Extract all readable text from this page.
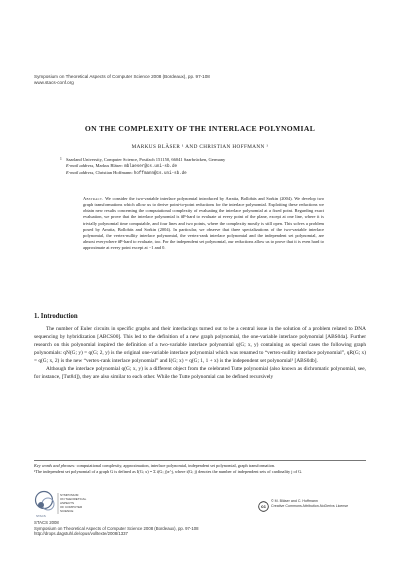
Symposium on Theoretical Aspects of Computer Science 2008 (Bordeaux), pp. 97-108
www.stacs-conf.org
ON THE COMPLEXITY OF THE INTERLACE POLYNOMIAL
MARKUS BLÄSER ¹ AND CHRISTIAN HOFFMANN ¹
1 Saarland University, Computer Science, Postfach 151150, 66041 Saarbrücken, Germany
E-mail address, Markus Bläser: mblaeser@cs.uni-sb.de
E-mail address, Christian Hoffmann: hoffmann@cs.uni-sb.de

Abstract. We consider the two-variable interlace polynomial introduced by Arratia, Bollobás and Sorkin (2004). We develop two graph transformations which allow us to derive point-to-point reductions for the interlace polynomial. Exploiting these reductions we obtain new results concerning the computational complexity of evaluating the interlace polynomial at a fixed point. Regarding exact evaluation, we prove that the interlace polynomial is #P-hard to evaluate at every point of the plane, except at one line, where it is trivially polynomial time computable, and four lines and two points, where the complexity mostly is still open. This solves a problem posed by Arratia, Bollobás and Sorkin (2004). In particular, we observe that three specializations of the two-variable interlace polynomial, the vertex-nullity interlace polynomial, the vertex-rank interlace polynomial and the independent set polynomial, are almost everywhere #P-hard to evaluate, too. For the independent set polynomial, our reductions allow us to prove that it is even hard to approximate at every point except at −1 and 0.

1. Introduction

The number of Euler circuits in specific graphs and their interlacings turned out to be a central issue in the solution of a problem related to DNA sequencing by hybridization [ABCS00]. This led to the definition of a new graph polynomial, the one-variable interlace polynomial [ABS04a]. Further research on this polynomial inspired the definition of a two-variable interlace polynomial q(G; x, y) containing as special cases the following graph polynomials: qN(G; y) = q(G; 2, y) is the original one-variable interlace polynomial which was renamed to “vertex-nullity interlace polynomial”, qR(G; x) = q(G; x, 2) is the new “vertex-rank interlace polynomial” and I(G; x) = q(G; 1, 1 + x) is the independent set polynomial¹ [ABS04b].

Although the interlace polynomial q(G; x, y) is a different object from the celebrated Tutte polynomial (also known as dichromatic polynomial, see, for instance, [Tut84]), they are also similar to each other. While the Tutte polynomial can be defined recursively

Key words and phrases: computational complexity, approximation, interlace polynomial, independent set polynomial, graph transformation.
¹The independent set polynomial of a graph G is defined as I(G; x) = Σ i(G; j)x^j, where i(G; j) denotes the number of independent sets of cardinality j of G.
SYMPOSIUM
ON THEORETICAL
ASPECTS
OF COMPUTER
SCIENCE
STACS
cc
© M. Bläser and C. Hoffmann
Creative Commons Attribution-NoDerivs License
STACS 2008
Symposium on Theoretical Aspects of Computer Science 2008 (Bordeaux), pp. 97-108
http://drops.dagstuhl.de/opus/volltexte/2008/1337
